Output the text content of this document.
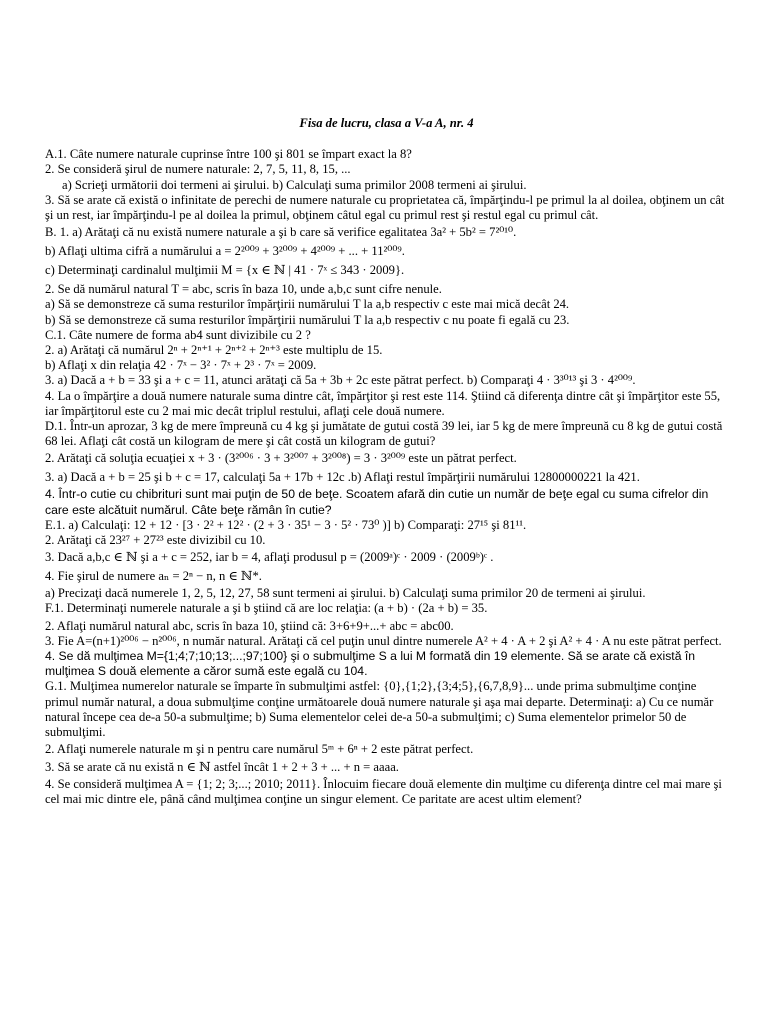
Fisa de lucru, clasa a V-a A, nr. 4

A.1. Câte numere naturale cuprinse între 100 şi 801 se împart exact la 8?

2. Se consideră şirul de numere naturale: 2, 7, 5, 11, 8, 15, ...

a) Scrieţi următorii doi termeni ai şirului. b) Calculaţi suma primilor 2008 termeni ai şirului.

3. Să se arate că există o infinitate de perechi de numere naturale cu proprietatea că, împărţindu-l pe primul la al doilea, obţinem un cât şi un rest, iar împărţindu-l pe al doilea la primul, obţinem câtul egal cu primul rest şi restul egal cu primul cât.

B. 1. a) Arătaţi că nu există numere naturale a şi b care să verifice egalitatea 3a² + 5b² = 7²⁰¹⁰.

b) Aflaţi ultima cifră a numărului a = 2²⁰⁰⁹ + 3²⁰⁰⁹ + 4²⁰⁰⁹ + ... + 11²⁰⁰⁹.

c) Determinaţi cardinalul mulţimii M = {x ∈ ℕ | 41 · 7ˣ ≤ 343 · 2009}.

2. Se dă numărul natural T = abc, scris în baza 10, unde a,b,c sunt cifre nenule.

a) Să se demonstreze că suma resturilor împărţirii numărului T la a,b respectiv c este mai mică decât 24.

b) Să se demonstreze că suma resturilor împărţirii numărului T la a,b respectiv c nu poate fi egală cu 23.

C.1. Câte numere de forma ab4 sunt divizibile cu 2 ?

2. a) Arătaţi că numărul 2ⁿ + 2ⁿ⁺¹ + 2ⁿ⁺² + 2ⁿ⁺³ este multiplu de 15.

b) Aflaţi x din relaţia 42 · 7ˣ − 3² · 7ˣ + 2³ · 7ˣ = 2009.

3. a) Dacă a + b = 33 şi a + c = 11, atunci arătaţi că 5a + 3b + 2c este pătrat perfect. b) Comparaţi 4 · 3³⁰¹³ şi 3 · 4²⁰⁰⁹.

4. La o împărţire a două numere naturale suma dintre cât, împărţitor şi rest este 114. Ştiind că diferenţa dintre cât şi împărţitor este 55, iar împărţitorul este cu 2 mai mic decât triplul restului, aflaţi cele două numere.

D.1. Într-un aprozar, 3 kg de mere împreună cu 4 kg şi jumătate de gutui costă 39 lei, iar 5 kg de mere împreună cu 8 kg de gutui costă 68 lei. Aflaţi cât costă un kilogram de mere şi cât costă un kilogram de gutui?

2. Arătaţi că soluţia ecuaţiei x + 3 · (3²⁰⁰⁶ · 3 + 3²⁰⁰⁷ + 3²⁰⁰⁸) = 3 · 3²⁰⁰⁹ este un pătrat perfect.

3. a) Dacă a + b = 25 şi b + c = 17, calculaţi 5a + 17b + 12c .b) Aflaţi restul împărţirii numărului 12800000221 la 421.

4. Într-o cutie cu chibrituri sunt mai puţin de 50 de beţe. Scoatem afară din cutie un număr de beţe egal cu suma cifrelor din care este alcătuit numărul. Câte beţe rămân în cutie?

E.1. a) Calculaţi: 12 + 12 · [3 · 2² + 12² · (2 + 3 · 35¹ − 3 · 5² · 73⁰ )] b) Comparaţi: 27¹⁵ şi 81¹¹.

2. Arătaţi că 23²⁷ + 27²³ este divizibil cu 10.

3. Dacă a,b,c ∈ ℕ şi a + c = 252, iar b = 4, aflaţi produsul p = (2009ᵃ)ᶜ · 2009 · (2009ᵇ)ᶜ .

4. Fie şirul de numere aₙ = 2ⁿ − n, n ∈ ℕ*.

a) Precizaţi dacă numerele 1, 2, 5, 12, 27, 58 sunt termeni ai şirului. b) Calculaţi suma primilor 20 de termeni ai şirului.

F.1. Determinaţi numerele naturale a şi b ştiind că are loc relaţia: (a + b) · (2a + b) = 35.

2. Aflaţi numărul natural abc, scris în baza 10, ştiind că: 3+6+9+...+ abc = abc00.

3. Fie A=(n+1)²⁰⁰⁶ − n²⁰⁰⁶, n număr natural. Arătaţi că cel puţin unul dintre numerele A² + 4 · A + 2 şi A² + 4 · A nu este pătrat perfect.

4. Se dă mulţimea M={1;4;7;10;13;...;97;100} şi o submulţime S a lui M formată din 19 elemente. Să se arate că există în mulţimea S două elemente a căror sumă este egală cu 104.

G.1. Mulţimea numerelor naturale se împarte în submulţimi astfel: {0},{1;2},{3;4;5},{6,7,8,9}... unde prima submulţime conţine primul număr natural, a doua submulţime conţine următoarele două numere naturale şi aşa mai departe. Determinaţi: a) Cu ce număr natural începe cea de-a 50-a submulţime; b) Suma elementelor celei de-a 50-a submulţimi; c) Suma elementelor primelor 50 de submulţimi.

2. Aflaţi numerele naturale m şi n pentru care numărul 5ᵐ + 6ⁿ + 2 este pătrat perfect.

3. Să se arate că nu există n ∈ ℕ astfel încât 1 + 2 + 3 + ... + n = aaaa.

4. Se consideră mulţimea A = {1; 2; 3;...; 2010; 2011}. Înlocuim fiecare două elemente din mulţime cu diferenţa dintre cel mai mare şi cel mai mic dintre ele, până când mulţimea conţine un singur element. Ce paritate are acest ultim element?
